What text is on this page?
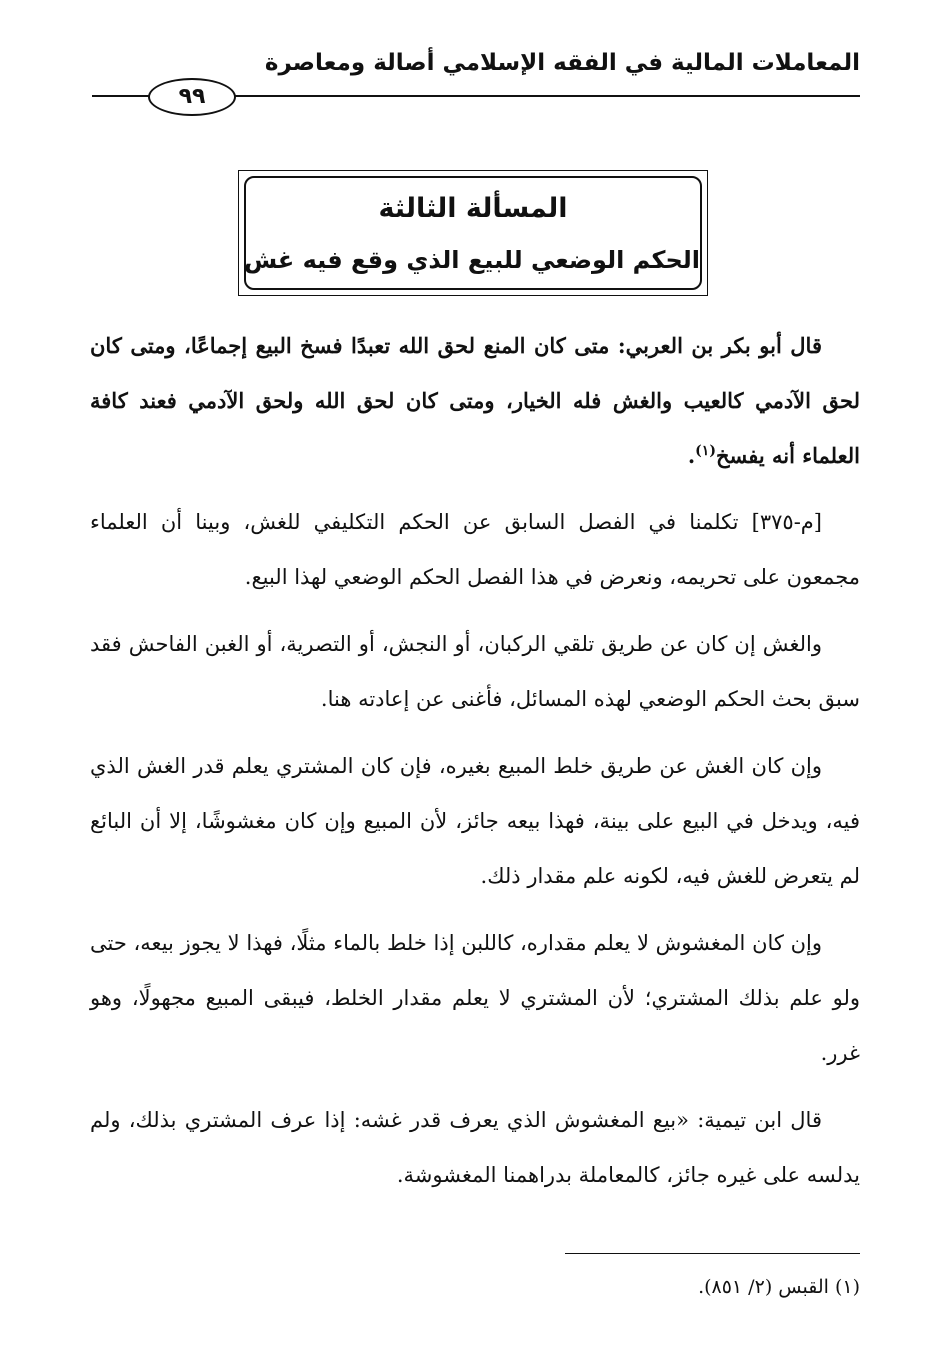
المعاملات المالية في الفقه الإسلامي أصالة ومعاصرة
٩٩
المسألة الثالثة
الحكم الوضعي للبيع الذي وقع فيه غش

قال أبو بكر بن العربي: متى كان المنع لحق الله تعبدًا فسخ البيع إجماعًا، ومتى كان لحق الآدمي كالعيب والغش فله الخيار، ومتى كان لحق الله ولحق الآدمي فعند كافة العلماء أنه يفسخ$^{(١)}$.

[م-٣٧٥] تكلمنا في الفصل السابق عن الحكم التكليفي للغش، وبينا أن العلماء مجمعون على تحريمه، ونعرض في هذا الفصل الحكم الوضعي لهذا البيع.

والغش إن كان عن طريق تلقي الركبان، أو النجش، أو التصرية، أو الغبن الفاحش فقد سبق بحث الحكم الوضعي لهذه المسائل، فأغنى عن إعادته هنا.

وإن كان الغش عن طريق خلط المبيع بغيره، فإن كان المشتري يعلم قدر الغش الذي فيه، ويدخل في البيع على بينة، فهذا بيعه جائز، لأن المبيع وإن كان مغشوشًا، إلا أن البائع لم يتعرض للغش فيه، لكونه علم مقدار ذلك.

وإن كان المغشوش لا يعلم مقداره، كاللبن إذا خلط بالماء مثلًا، فهذا لا يجوز بيعه، حتى ولو علم بذلك المشتري؛ لأن المشتري لا يعلم مقدار الخلط، فيبقى المبيع مجهولًا، وهو غرر.

قال ابن تيمية: «بيع المغشوش الذي يعرف قدر غشه: إذا عرف المشتري بذلك، ولم يدلسه على غيره جائز، كالمعاملة بدراهمنا المغشوشة.

(١) القبس (٢/ ٨٥١).
